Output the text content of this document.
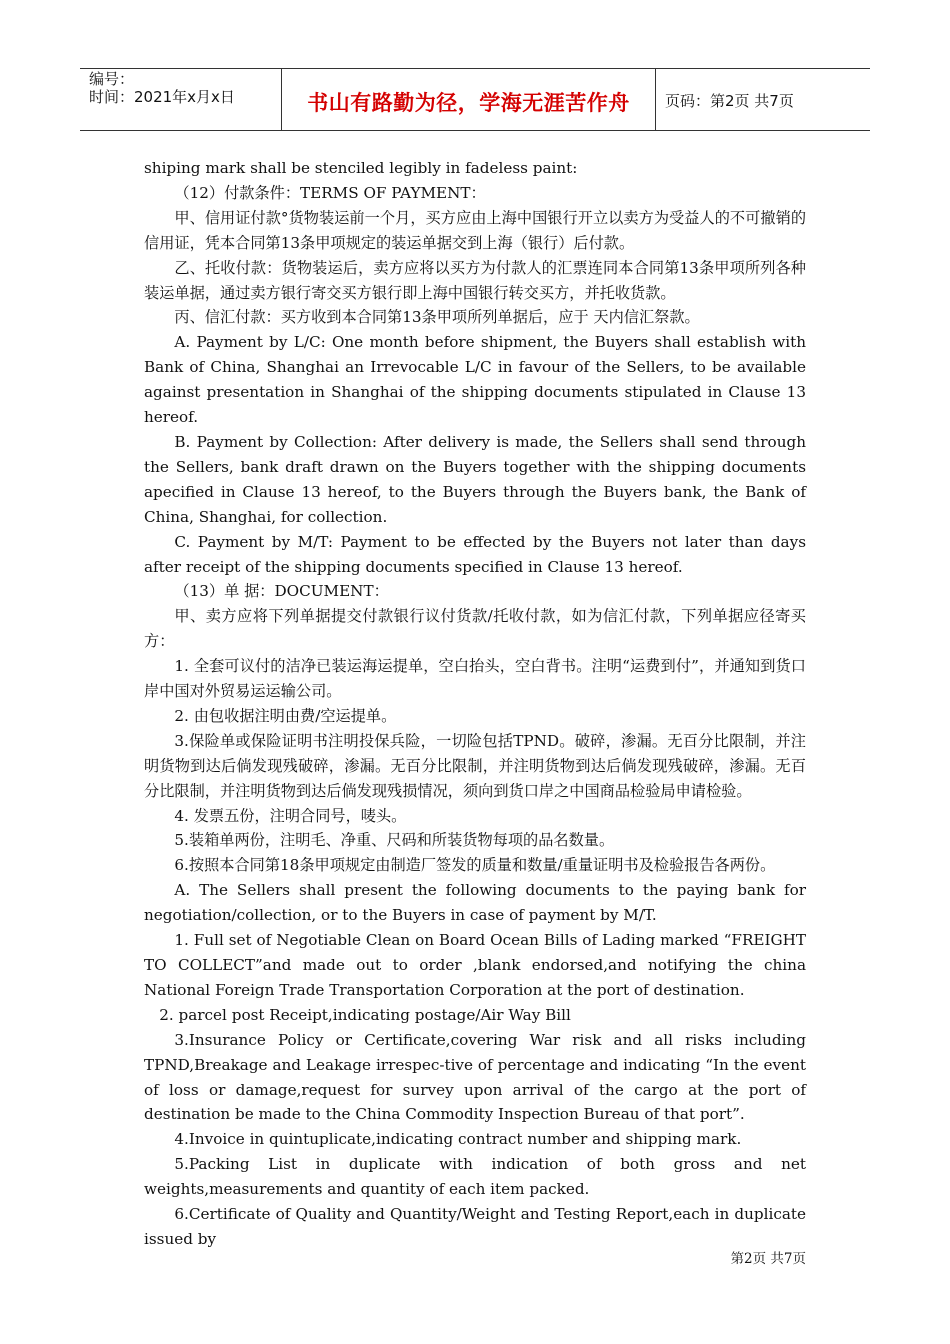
编号：
时间：2021年x月x日	书山有路勤为径，学海无涯苦作舟	页码：第2页 共7页

shiping mark shall be stenciled legibly in fadeless paint:

（12）付款条件：TERMS OF PAYMENT：

甲、信用证付款°货物装运前一个月，买方应由上海中国银行开立以卖方为受益人的不可撤销的信用证，凭本合同第13条甲项规定的装运单据交到上海（银行）后付款。

乙、托收付款：货物装运后，卖方应将以买方为付款人的汇票连同本合同第13条甲项所列各种装运单据，通过卖方银行寄交买方银行即上海中国银行转交买方，并托收货款。

丙、信汇付款：买方收到本合同第13条甲项所列单据后，应于 天内信汇祭款。

A. Payment by L/C: One month before shipment, the Buyers shall establish with Bank of China, Shanghai an Irrevocable L/C in favour of the Sellers, to be available against presentation in Shanghai of the shipping documents stipulated in Clause 13 hereof.

B. Payment by Collection: After delivery is made, the Sellers shall send through the Sellers, bank draft drawn on the Buyers together with the shipping documents apecified in Clause 13 hereof, to the Buyers through the Buyers bank, the Bank of China, Shanghai, for collection.

C. Payment by M/T: Payment to be effected by the Buyers not later than days after receipt of the shipping documents specified in Clause 13 hereof.

（13）单 据：DOCUMENT：

甲、卖方应将下列单据提交付款银行议付货款/托收付款，如为信汇付款，下列单据应径寄买方：

1. 全套可议付的洁净已装运海运提单，空白抬头，空白背书。注明“运费到付”，并通知到货口岸中国对外贸易运运输公司。

2. 由包收据注明由费/空运提单。

3.保险单或保险证明书注明投保兵险，一切险包括TPND。破碎，渗漏。无百分比限制，并注明货物到达后倘发现残破碎，渗漏。无百分比限制，并注明货物到达后倘发现残破碎，渗漏。无百分比限制，并注明货物到达后倘发现残损情况，须向到货口岸之中国商品检验局申请检验。

4. 发票五份，注明合同号，唛头。

5.装箱单两份，注明毛、净重、尺码和所装货物每项的品名数量。

6.按照本合同第18条甲项规定由制造厂签发的质量和数量/重量证明书及检验报告各两份。

A. The Sellers shall present the following documents to the paying bank for negotiation/collection, or to the Buyers in case of payment by M/T.

1. Full set of Negotiable Clean on Board Ocean Bills of Lading marked “FREIGHT TO COLLECT”and made out to order ,blank endorsed,and notifying the china National Foreign Trade Transportation Corporation at the port of destination.

2. parcel post Receipt,indicating postage/Air Way Bill

3.Insurance Policy or Certificate,covering War risk and all risks including TPND,Breakage and Leakage irrespec-tive of percentage and indicating “In the event of loss or damage,request for survey upon arrival of the cargo at the port of destination be made to the China Commodity Inspection Bureau of that port”.

4.Invoice in quintuplicate,indicating contract number and shipping mark.

5.Packing List in duplicate with indication of both gross and net weights,measurements and quantity of each item packed.

6.Certificate of Quality and Quantity/Weight and Testing Report,each in duplicate issued by

第2页 共7页
